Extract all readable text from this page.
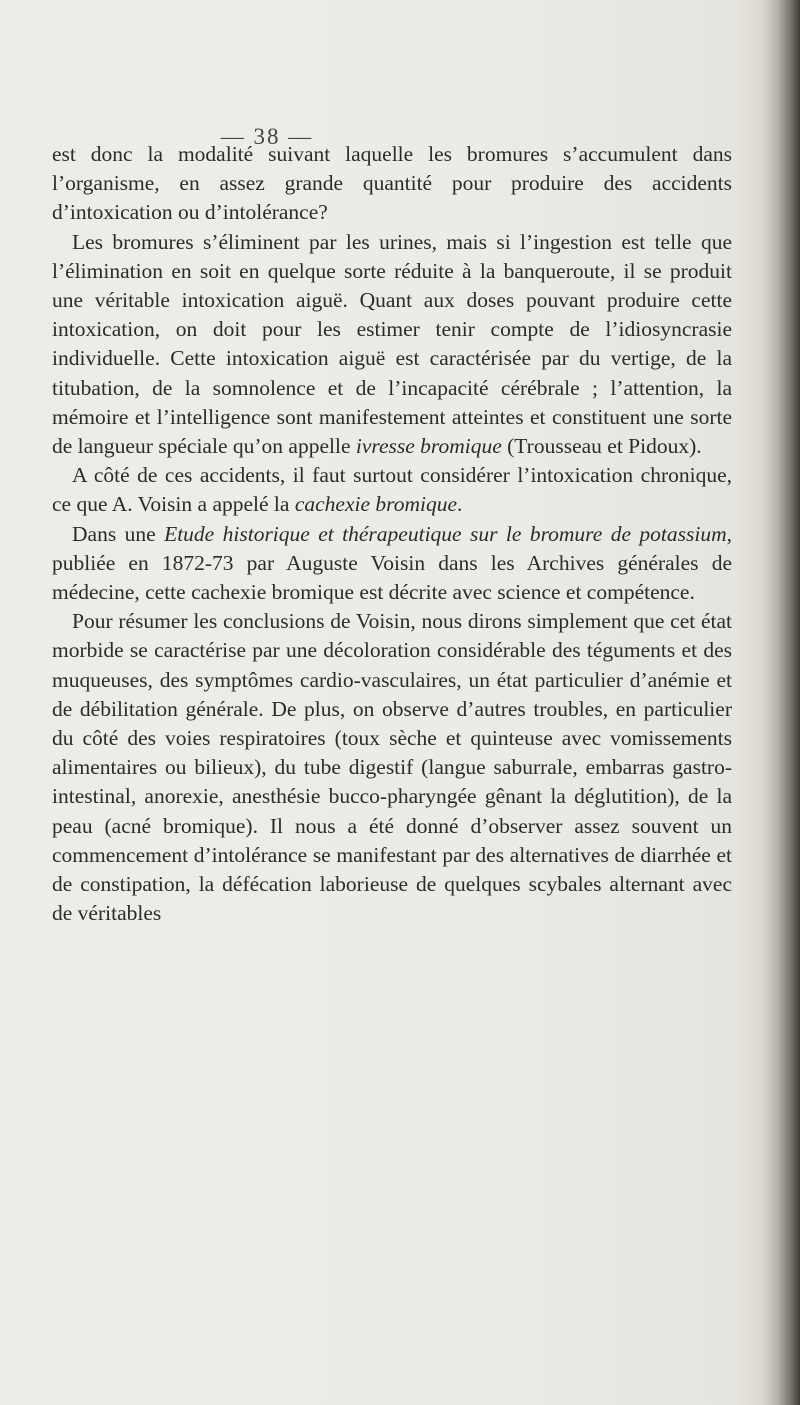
— 38 —

est donc la modalité suivant laquelle les bromures s’accumulent dans l’organisme, en assez grande quantité pour produire des accidents d’intoxication ou d’intolérance?

Les bromures s’éliminent par les urines, mais si l’ingestion est telle que l’élimination en soit en quelque sorte réduite à la banqueroute, il se produit une véritable intoxication aiguë. Quant aux doses pouvant produire cette intoxication, on doit pour les estimer tenir compte de l’idiosyncrasie individuelle. Cette intoxication aiguë est caractérisée par du vertige, de la titubation, de la somnolence et de l’incapacité cérébrale ; l’attention, la mémoire et l’intelligence sont manifestement atteintes et constituent une sorte de langueur spéciale qu’on appelle ivresse bromique (Trousseau et Pidoux).

A côté de ces accidents, il faut surtout considérer l’intoxication chronique, ce que A. Voisin a appelé la cachexie bromique.

Dans une Etude historique et thérapeutique sur le bromure de potassium, publiée en 1872-73 par Auguste Voisin dans les Archives générales de médecine, cette cachexie bromique est décrite avec science et compétence.

Pour résumer les conclusions de Voisin, nous dirons simplement que cet état morbide se caractérise par une décoloration considérable des téguments et des muqueuses, des symptômes cardio-vasculaires, un état particulier d’anémie et de débilitation générale. De plus, on observe d’autres troubles, en particulier du côté des voies respiratoires (toux sèche et quinteuse avec vomissements alimentaires ou bilieux), du tube digestif (langue saburrale, embarras gastro-intestinal, anorexie, anesthésie bucco-pharyngée gênant la déglutition), de la peau (acné bromique). Il nous a été donné d’observer assez souvent un commencement d’intolérance se manifestant par des alternatives de diarrhée et de constipation, la défécation laborieuse de quelques scybales alternant avec de véritables
